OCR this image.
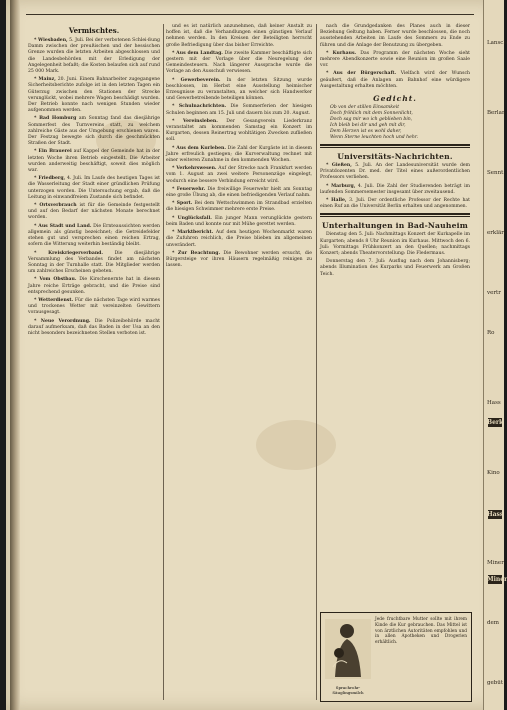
Vermischtes.
* Wiesbaden, 5. Juli. Bei der verbotenen Schlei-ßung Damm zwischen der preußischen und der hessischen Grenze wurden die letzten Arbeiten abgeschlossen und die Landesbehörden mit der Erledigung der Angelegenheit befaßt; die Kosten belaufen sich auf rund 25 000 Mark.
* Mainz, 20. Juni. Einem Bahnarbeiter zugegangene Sicherheitsberichte zufolge ist in den letzten Tagen ein Güterzug zwischen den Stationen der Strecke verunglückt, wobei mehrere Wagen beschädigt wurden. Der Betrieb konnte nach wenigen Stunden wieder aufgenommen werden.
* Bad Homburg am Sonntag fand das diesjährige Sommerfest des Turnvereins statt, zu welchem zahlreiche Gäste aus der Umgebung erschienen waren. Der Festzug bewegte sich durch die geschmückten Straßen der Stadt.
* Ein Brauerei auf Kappel der Gemeinde hat in der letzten Woche ihren Betrieb eingestellt. Die Arbeiter wurden anderweitig beschäftigt, soweit dies möglich war.
* Friedberg, 4. Juli. Im Laufe des heutigen Tages ist die Wasserleitung der Stadt einer gründlichen Prüfung unterzogen worden. Die Untersuchung ergab, daß die Leitung in einwandfreiem Zustande sich befindet.
* Ortsverbrauch ist für die Gemeinde festgestellt und auf den Bedarf der nächsten Monate berechnet worden.
* Aus Stadt und Land. Die Ernteaussichten werden allgemein als günstig bezeichnet; die Getreidefelder stehen gut und versprechen einen reichen Ertrag, sofern die Witterung weiterhin beständig bleibt.
* Kreiskriegerverband. Die diesjährige Versammlung des Verbandes findet am nächsten Sonntag in der Turnhalle statt. Die Mitglieder werden um zahlreiches Erscheinen gebeten.
* Vom Obstbau. Die Kirschenernte hat in diesem Jahre reiche Erträge gebracht, und die Preise sind entsprechend gesunken.
* Wetterdienst. Für die nächsten Tage wird warmes und trockenes Wetter mit vereinzelten Gewittern vorausgesagt.
* Neue Verordnung. Die Polizeibehörde macht darauf aufmerksam, daß das Baden in der Usa an den nicht besonders bezeichneten Stellen verboten ist.
und es ist natürlich anzunehmen, daß keiner Anstalt zu hoffen ist, daß die Verhandlungen einen günstigen Verlauf nehmen werden. In den Kreisen der Beteiligten herrscht große Befriedigung über das bisher Erreichte.
* Aus dem Landtag. Die zweite Kammer beschäftigte sich gestern mit der Vorlage über die Neuregelung der Gemeindesteuern. Nach längerer Aussprache wurde die Vorlage an den Ausschuß verwiesen.
* Gewerbeverein. In der letzten Sitzung wurde beschlossen, im Herbst eine Ausstellung heimischer Erzeugnisse zu veranstalten, an welcher sich Handwerker und Gewerbetreibende beteiligen können.
* Schulnachrichten. Die Sommerferien der hiesigen Schulen beginnen am 15. Juli und dauern bis zum 20. August.
* Vereinsleben. Der Gesangverein Liederkranz veranstaltet am kommenden Samstag ein Konzert im Kurgarten, dessen Reinertrag wohltätigen Zwecken zufließen soll.
* Aus dem Kurleben. Die Zahl der Kurgäste ist in diesem Jahre erfreulich gestiegen; die Kurverwaltung rechnet mit einer weiteren Zunahme in den kommenden Wochen.
* Verkehrswesen. Auf der Strecke nach Frankfurt werden vom 1. August an zwei weitere Personenzüge eingelegt, wodurch eine bessere Verbindung erreicht wird.
* Feuerwehr. Die freiwillige Feuerwehr hielt am Sonntag eine große Übung ab, die einen befriedigenden Verlauf nahm.
* Sport. Bei dem Wettschwimmen im Strandbad erzielten die hiesigen Schwimmer mehrere erste Preise.
* Unglücksfall. Ein junger Mann verunglückte gestern beim Baden und konnte nur mit Mühe gerettet werden.
* Marktbericht. Auf dem heutigen Wochenmarkt waren die Zufuhren reichlich, die Preise blieben im allgemeinen unverändert.
* Zur Beachtung. Die Bewohner werden ersucht, die Bürgersteige vor ihren Häusern regelmäßig reinigen zu lassen.
nach die Grundgedanken des Planes auch in dieser Beziehung Geltung haben. Ferner wurde beschlossen, die noch ausstehenden Arbeiten im Laufe des Sommers zu Ende zu führen und die Anlage der Benutzung zu übergeben.
* Kurhaus. Das Programm der nächsten Woche sieht mehrere Abendkonzerte sowie eine Reunion im großen Saale vor.
* Aus der Bürgerschaft. Vielfach wird der Wunsch geäußert, daß die Anlagen am Bahnhof eine würdigere Ausgestaltung erhalten möchten.
Gedicht.
Ob von der stillen Einsamkeit
Doch fröhlich mit dem Sonnenlicht,
Doch sag mir wo ich geblieben bin,
Ich bleib bei dir und geh mit dir,
Dem Herzen ist es wohl daher,
Wenn Sterne leuchten hoch und hehr.
Universitäts-Nachrichten.
* Gießen, 5. Juli. An der Landesuniversität wurde dem Privatdozenten Dr. med. der Titel eines außerordentlichen Professors verliehen.
* Marburg, 4. Juli. Die Zahl der Studierenden beträgt im laufenden Sommersemester insgesamt über zweitausend.
* Halle, 3. Juli. Der ordentliche Professor der Rechte hat einen Ruf an die Universität Berlin erhalten und angenommen.
Unterhaltungen in Bad-Nauheim
Dienstag den 5. Juli: Nachmittags Konzert der Kurkapelle im Kurgarten; abends 8 Uhr Reunion im Kurhaus. Mittwoch den 6. Juli: Vormittags Frühkonzert an den Quellen; nachmittags Konzert; abends Theatervorstellung: Die Fledermaus.
Donnerstag den 7. Juli: Ausflug nach dem Johannisberg; abends Illumination des Kurparks und Feuerwerk am Großen Teich.
Sprachrohr-Säuglingsmilch
Jede fruchtbare Mutter sollte mit ihrem Kinde die Kur gebrauchen. Das Mittel ist von ärztlichen Autoritäten empfohlen und in allen Apotheken und Drogerien erhältlich.
Lansch
Berlan
Sennt
erklärt
vertr
Ro
Hass
Kino
Miner
dem
gebüt
Berk
Hass
Miner
